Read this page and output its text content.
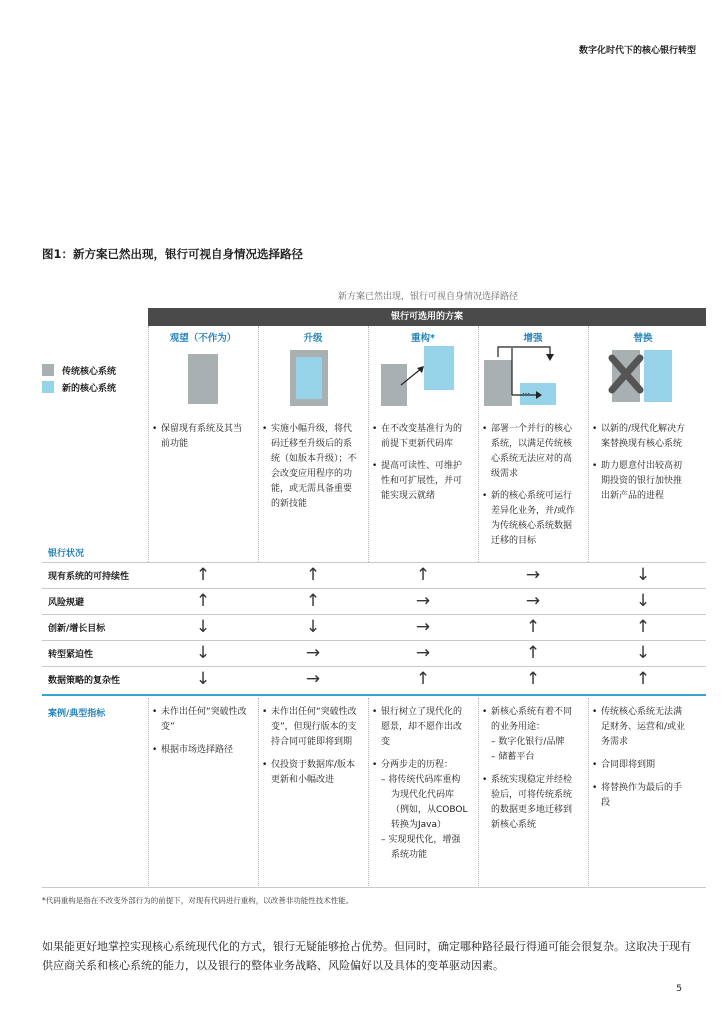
数字化时代下的核心银行转型
图1：新方案已然出现，银行可视自身情况选择路径
新方案已然出现，银行可视自身情况选择路径
银行可选用的方案
观望（不作为）	升级	重构*	增强	替换
传统核心系统
新的核心系统	⋯
• 保留现有系统及其当前功能
• 实施小幅升级，将代码迁移至升级后的系统（如版本升级）；不会改变应用程序的功能，或无需具备重要的新技能
• 在不改变基准行为的前提下更新代码库
• 提高可读性、可维护性和可扩展性，并可能实现云就绪
• 部署一个并行的核心系统，以满足传统核心系统无法应对的高级需求
• 新的核心系统可运行差异化业务，并/或作为传统核心系统数据迁移的目标
• 以新的/现代化解决方案替换现有核心系统
• 助力愿意付出较高初期投资的银行加快推出新产品的进程
银行状况
现有系统的可持续性	↑	↑	↑	→	↓
风险规避	↑	↑	→	→	↓
创新/增长目标	↓	↓	→	↑	↑
转型紧迫性	↓	→	→	↑	↓
数据策略的复杂性	↓	→	↑	↑	↑
案例/典型指标
•	未作出任何“突破性改变”
• 根据市场选择路径
• 未作出任何“突破性改变”，但现行版本的支持合同可能即将到期
• 仅投资于数据库/版本更新和小幅改进
• 银行树立了现代化的愿景，却不愿作出改变
• 分两步走的历程：
– 将传统代码库重构为现代化代码库（例如，从COBOL转换为Java）
– 实现现代化，增强系统功能
• 新核心系统有着不同的业务用途：
– 数字化银行/品牌
– 储蓄平台
• 系统实现稳定并经检验后，可将传统系统的数据更多地迁移到新核心系统
• 传统核心系统无法满足财务、运营和/或业务需求
• 合同即将到期
• 将替换作为最后的手段
*代码重构是指在不改变外部行为的前提下，对现有代码进行重构，以改善非功能性技术性能。
如果能更好地掌控实现核心系统现代化的方式，银行无疑能够抢占优势。但同时，确定哪种路径最行得通可能会很复杂。这取决于现有供应商关系和核心系统的能力，以及银行的整体业务战略、风险偏好以及具体的变革驱动因素。
5
